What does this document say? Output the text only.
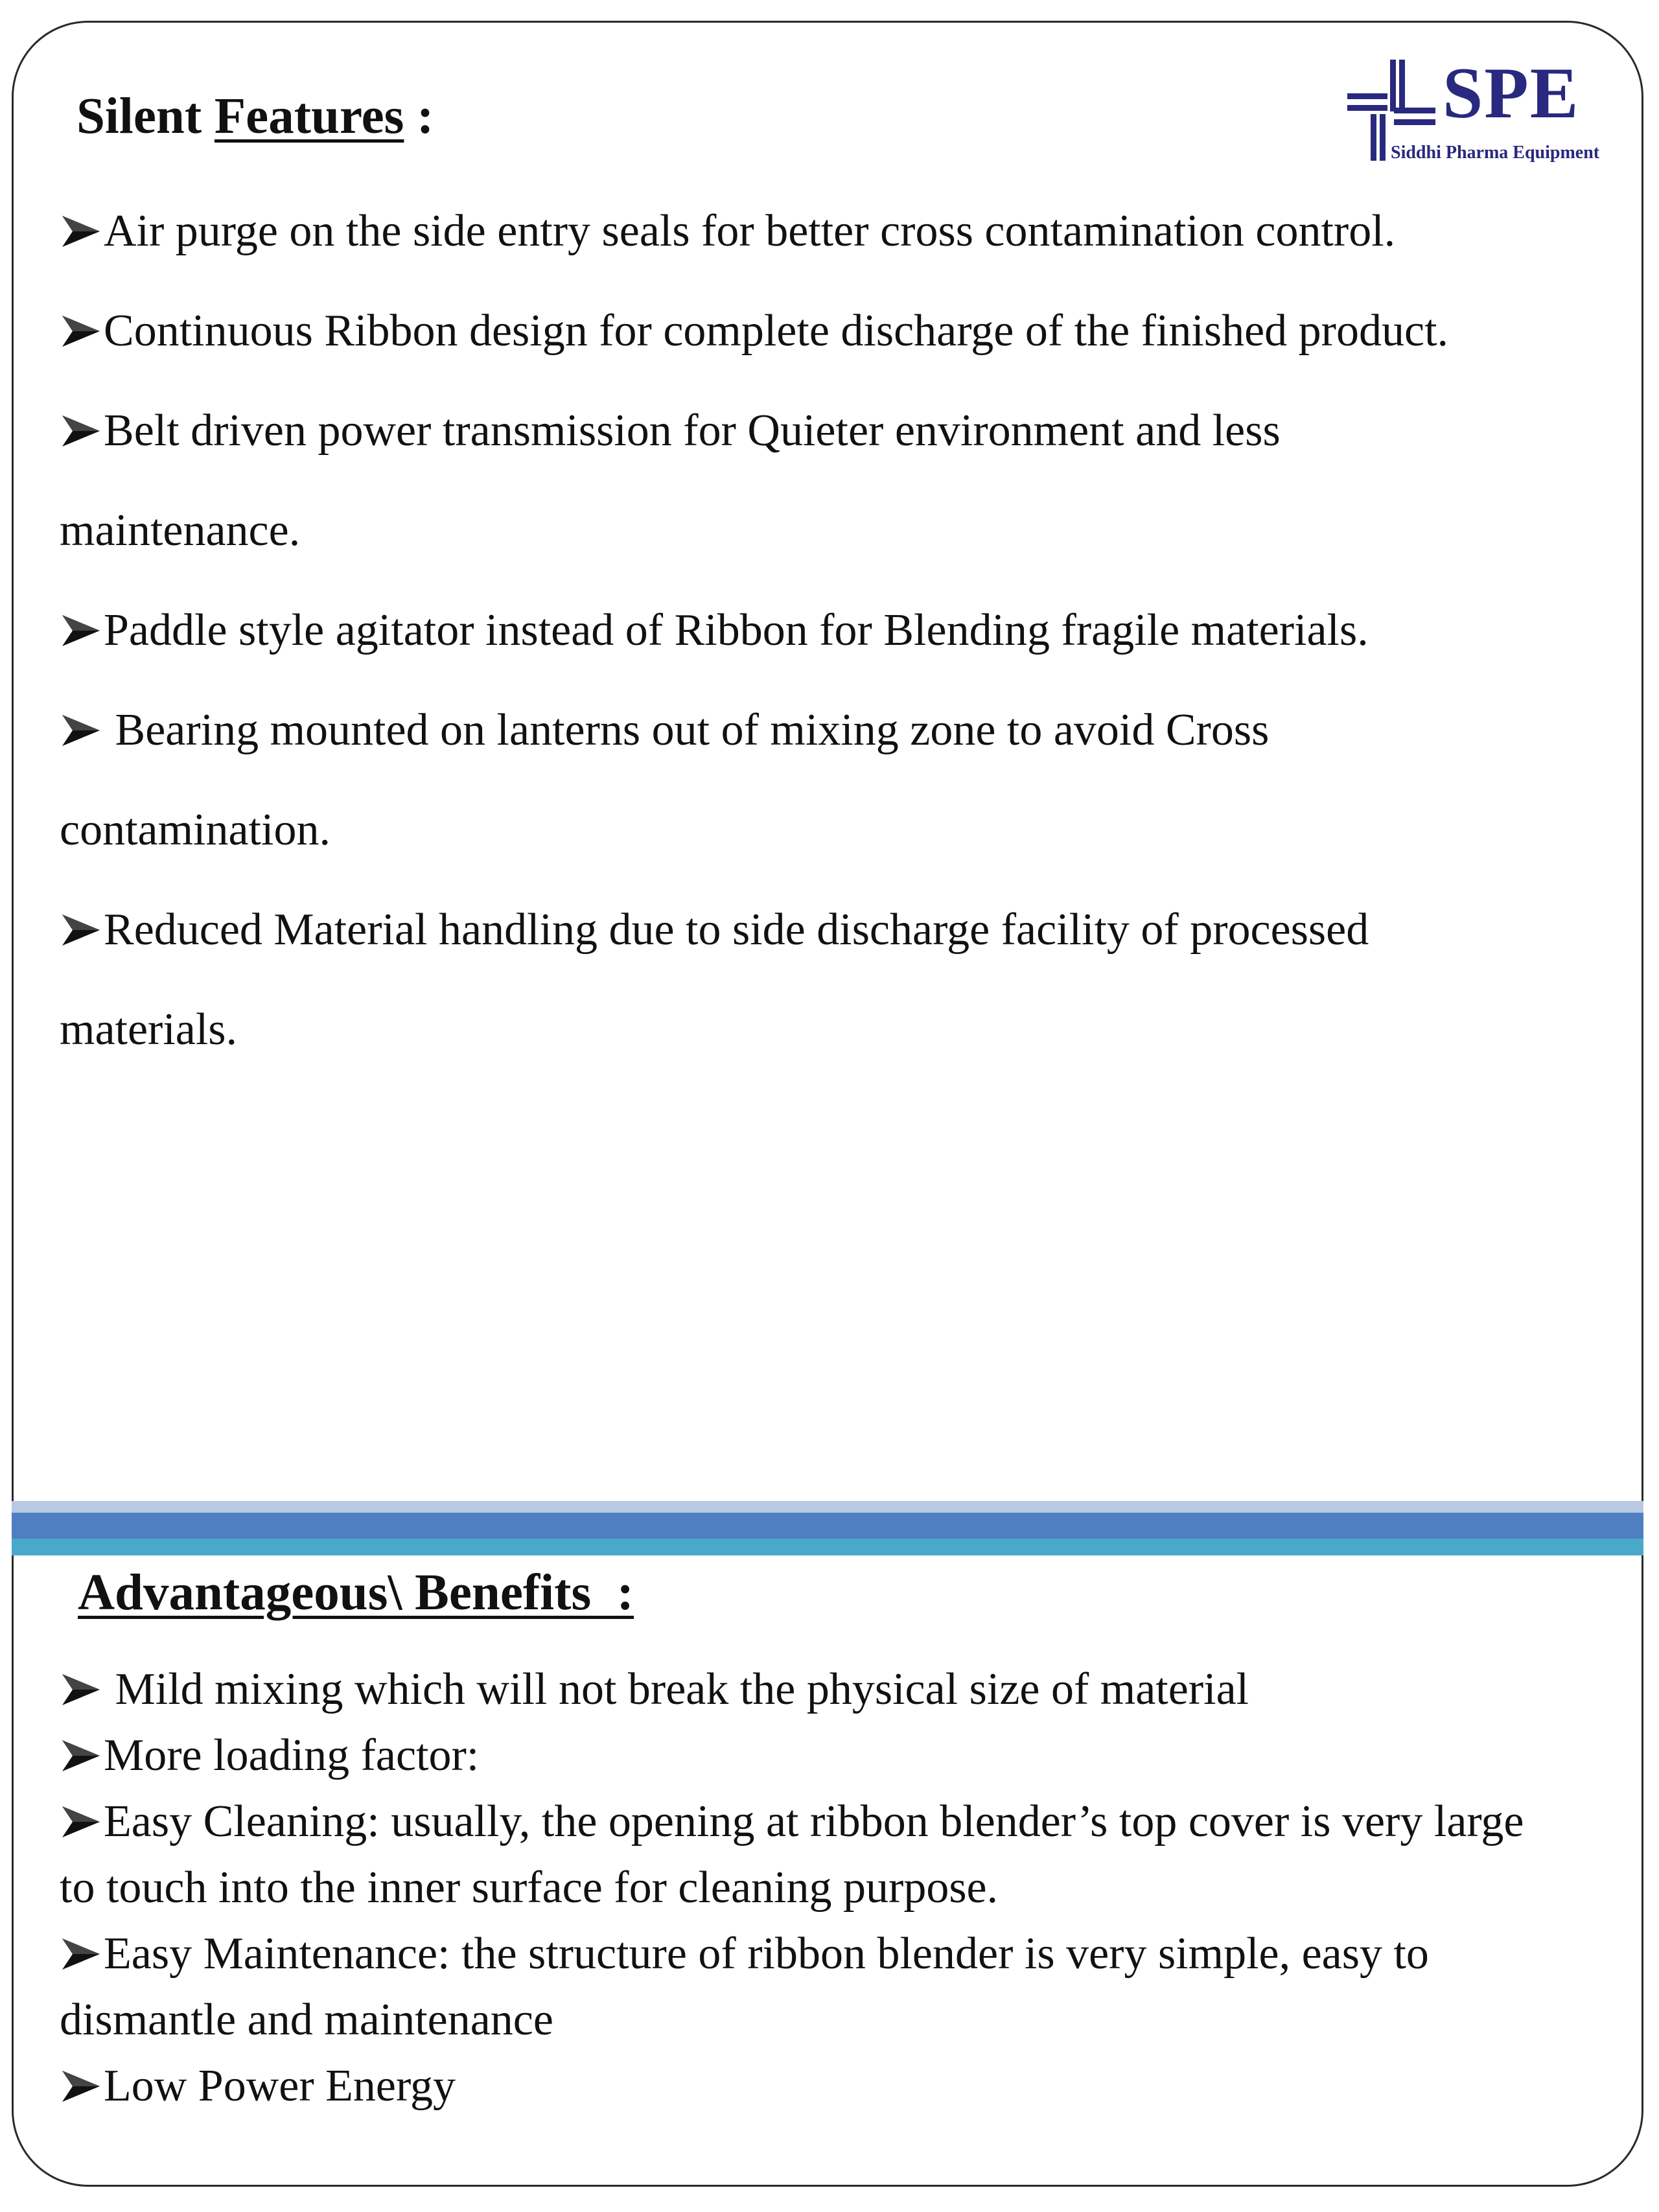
SPE
Siddhi Pharma Equipment
Silent Features :
Air purge on the side entry seals for better cross contamination control.
Continuous Ribbon design for complete discharge of the finished product.
Belt driven power transmission for Quieter environment and less
maintenance.
Paddle style agitator instead of Ribbon for Blending fragile materials.
Bearing mounted on lanterns out of mixing zone to avoid Cross
contamination.
Reduced Material handling due to side discharge facility of processed
materials.
Advantageous\ Benefits  :
Mild mixing which will not break the physical size of material
More loading factor:
Easy Cleaning: usually, the opening at ribbon blender’s top cover is very large
to touch into the inner surface for cleaning purpose.
Easy Maintenance: the structure of ribbon blender is very simple, easy to
dismantle and maintenance
Low Power Energy
